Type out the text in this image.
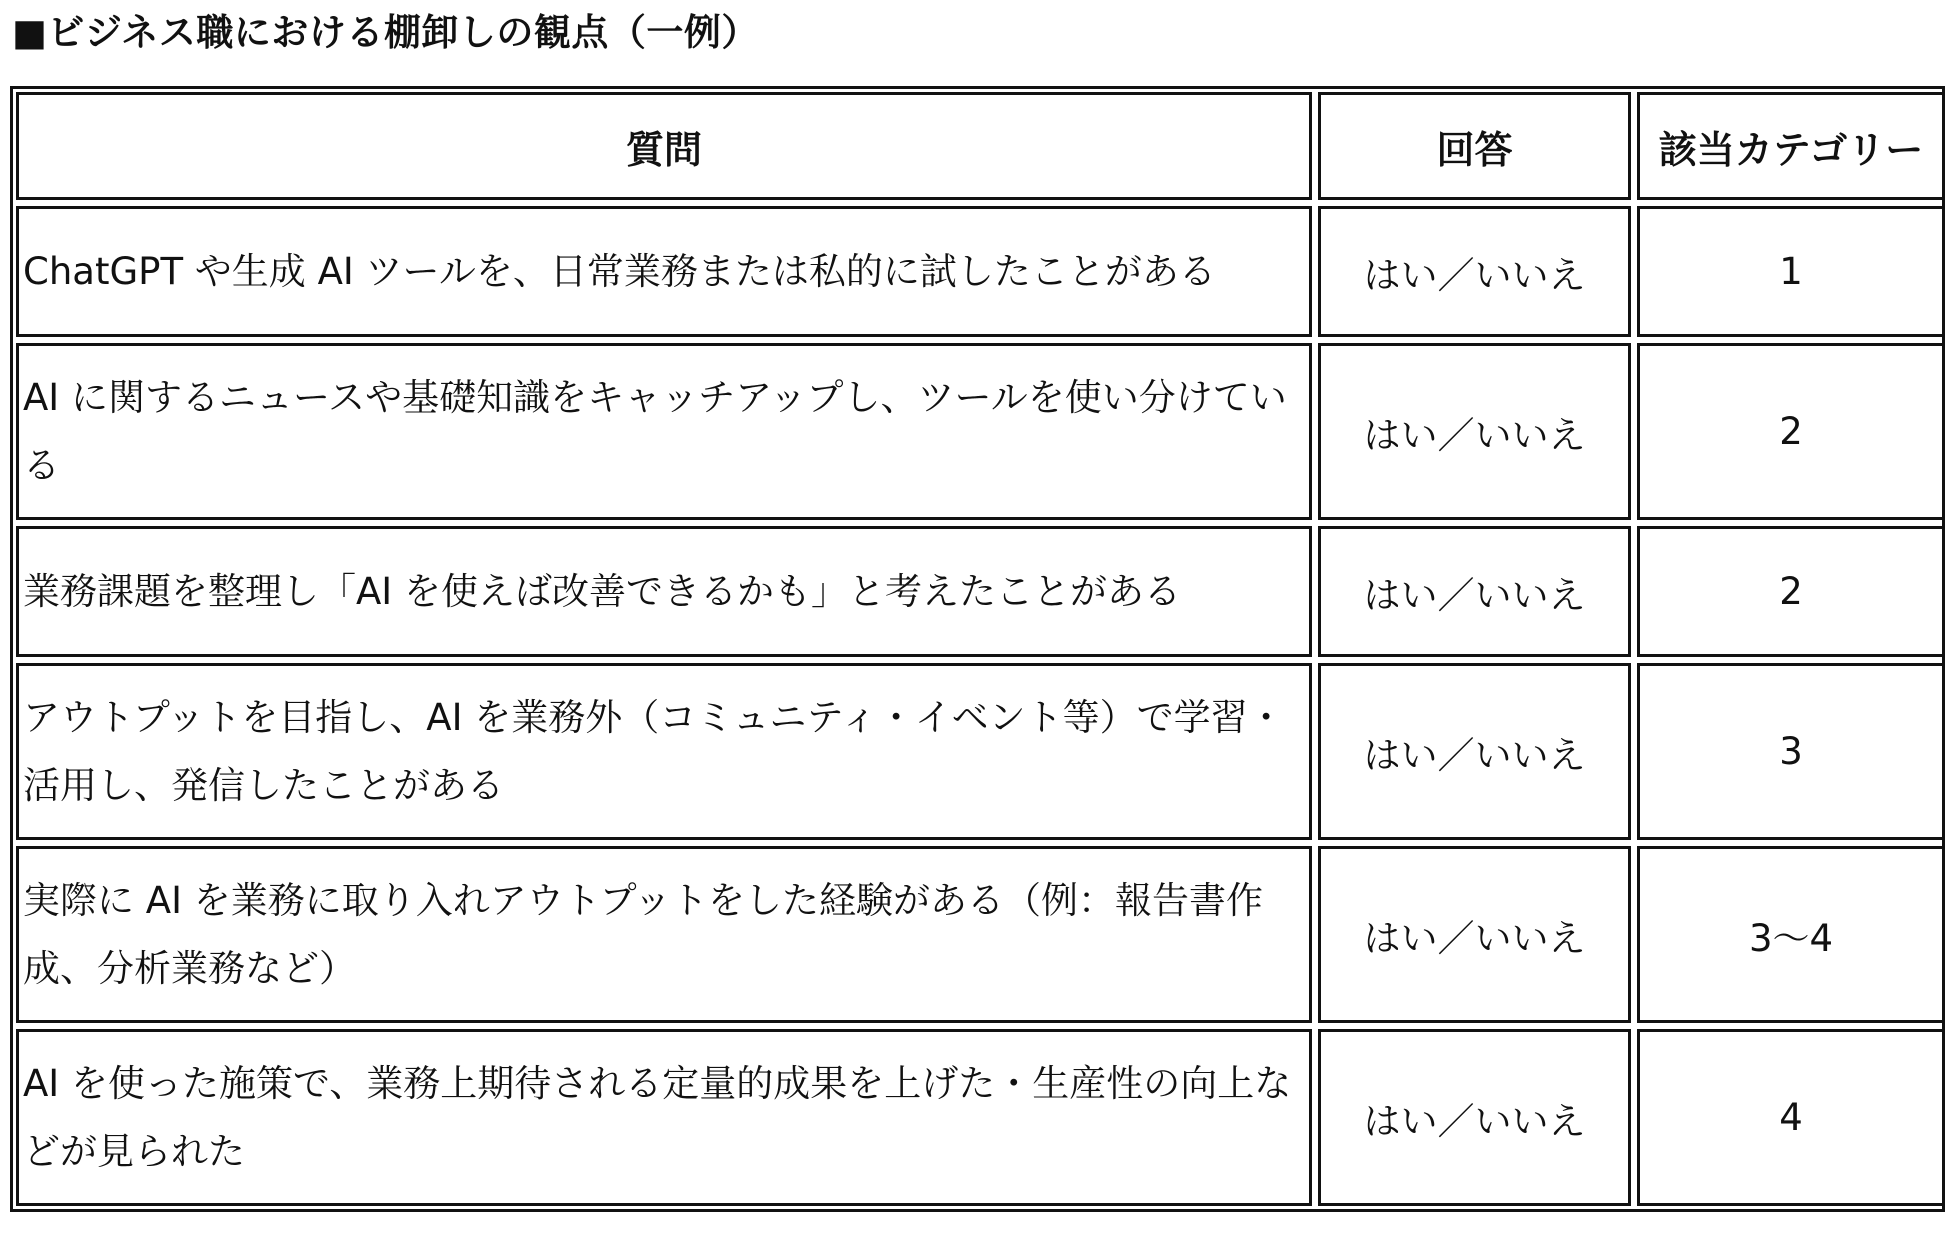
■ビジネス職における棚卸しの観点（一例）
質問	回答	該当カテゴリー
ChatGPT や生成 AI ツールを、日常業務または私的に試したことがある	はい／いいえ	1
AI に関するニュースや基礎知識をキャッチアップし、ツールを使い分けている	はい／いいえ	2
業務課題を整理し「AI を使えば改善できるかも」と考えたことがある	はい／いいえ	2
アウトプットを目指し、AI を業務外（コミュニティ・イベント等）で学習・活用し、発信したことがある	はい／いいえ	3
実際に AI を業務に取り入れアウトプットをした経験がある（例：報告書作成、分析業務など）	はい／いいえ	3～4
AI を使った施策で、業務上期待される定量的成果を上げた・生産性の向上などが見られた	はい／いいえ	4
